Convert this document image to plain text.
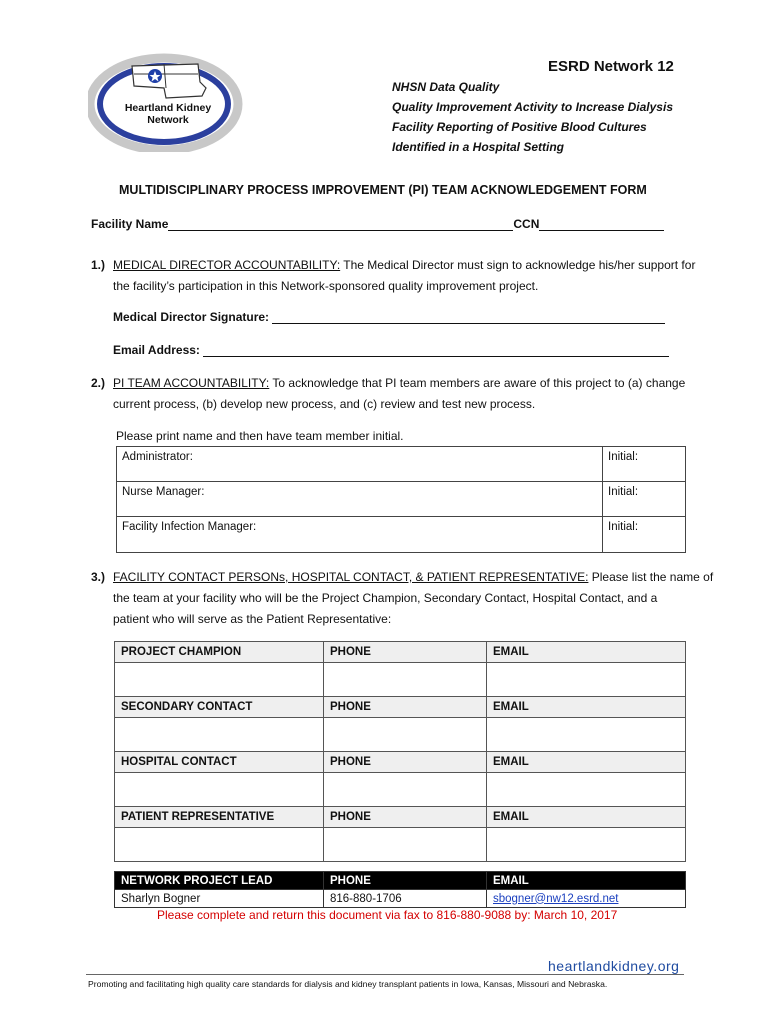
Heartland Kidney
Network
ESRD Network 12
NHSN Data Quality
Quality Improvement Activity to Increase Dialysis
Facility Reporting of Positive Blood Cultures
Identified in a Hospital Setting
MULTIDISCIPLINARY PROCESS IMPROVEMENT (PI) TEAM ACKNOWLEDGEMENT FORM
Facility Name	CCN
1.) MEDICAL DIRECTOR ACCOUNTABILITY: The Medical Director must sign to acknowledge his/her support for
the facility’s participation in this Network-sponsored quality improvement project.
Medical Director Signature:
Email Address:
2.) PI TEAM ACCOUNTABILITY: To acknowledge that PI team members are aware of this project to (a) change
current process, (b) develop new process, and (c) review and test new process.
Please print name and then have team member initial.
Administrator:	Initial:
Nurse Manager:	Initial:
Facility Infection Manager:	Initial:
3.) FACILITY CONTACT PERSONs, HOSPITAL CONTACT, & PATIENT REPRESENTATIVE: Please list the name of
the team at your facility who will be the Project Champion, Secondary Contact, Hospital Contact, and a
patient who will serve as the Patient Representative:
PROJECT CHAMPION	PHONE	EMAIL

SECONDARY CONTACT	PHONE	EMAIL

HOSPITAL CONTACT	PHONE	EMAIL

PATIENT REPRESENTATIVE	PHONE	EMAIL

NETWORK PROJECT LEAD	PHONE	EMAIL
Sharlyn Bogner	816-880-1706	sbogner@nw12.esrd.net
Please complete and return this document via fax to 816-880-9088 by: March 10, 2017
heartlandkidney.org
Promoting and facilitating high quality care standards for dialysis and kidney transplant patients in Iowa, Kansas, Missouri and Nebraska.
